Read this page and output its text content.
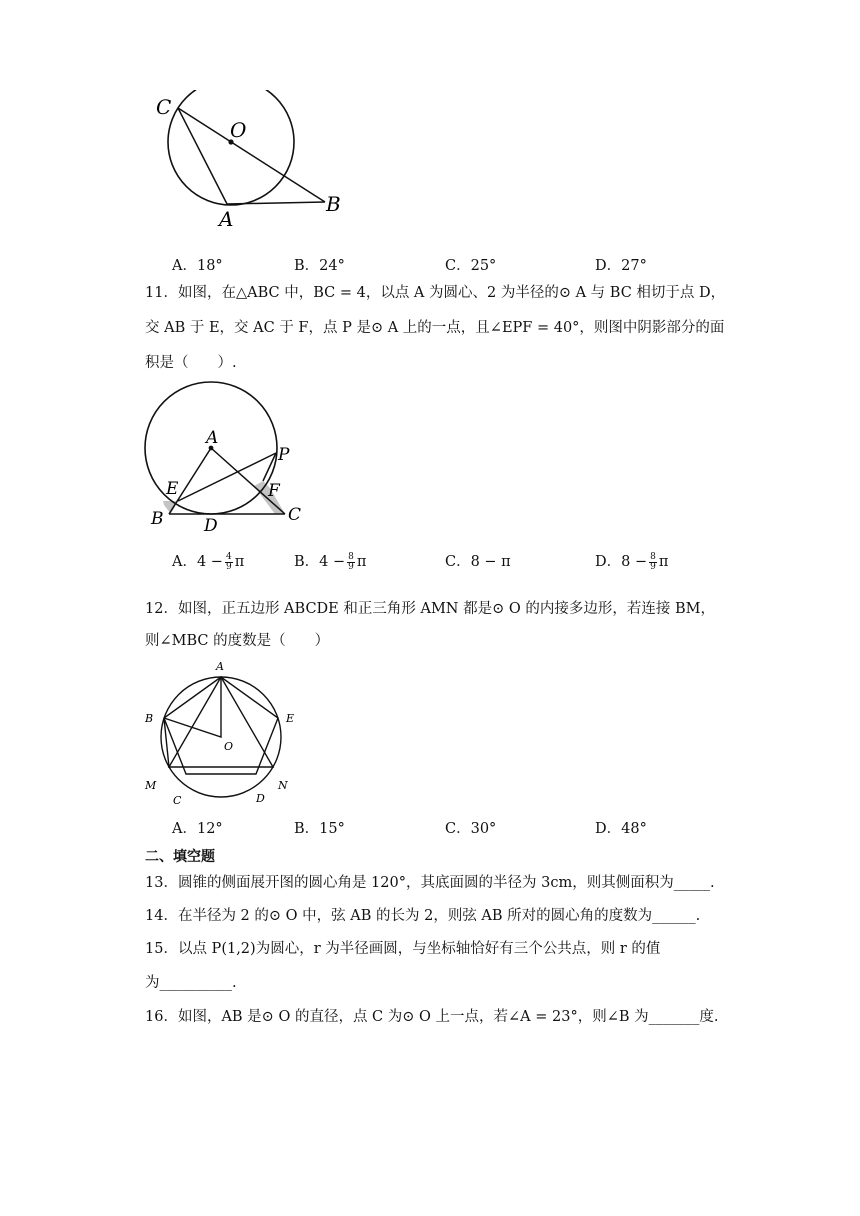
C
O
A
B
A．18°	B．24°	C．25°	D．27°
11．如图，在△ABC 中，BC = 4，以点 A 为圆心、2 为半径的⊙ A 与 BC 相切于点 D，
交 AB 于 E，交 AC 于 F，点 P 是⊙ A 上的一点，且∠EPF = 40°，则图中阴影部分的面
积是（　　）.
A
P
E	F
B D
C
A．$4 - \frac{4}{9}$ π	B．$4 - \frac{8}{9}$ π	C．8 − π	D．$8 - \frac{8}{9}$ π
12．如图，正五边形 ABCDE 和正三角形 AMN 都是⊙ O 的内接多边形，若连接 BM，
则∠MBC 的度数是（　　）
A
B	E
O
M	N
C	D
A．12°	B．15°	C．30°	D．48°
二、填空题
13．圆锥的侧面展开图的圆心角是 120°，其底面圆的半径为 3cm，则其侧面积为_____.
14．在半径为 2 的⊙ O 中，弦 AB 的长为 2，则弦 AB 所对的圆心角的度数为______.
15．以点 P(1,2)为圆心，r 为半径画圆，与坐标轴恰好有三个公共点，则 r 的值
为__________.
16．如图，AB 是⊙ O 的直径，点 C 为⊙ O 上一点，若∠A = 23°，则∠B 为_______度.
